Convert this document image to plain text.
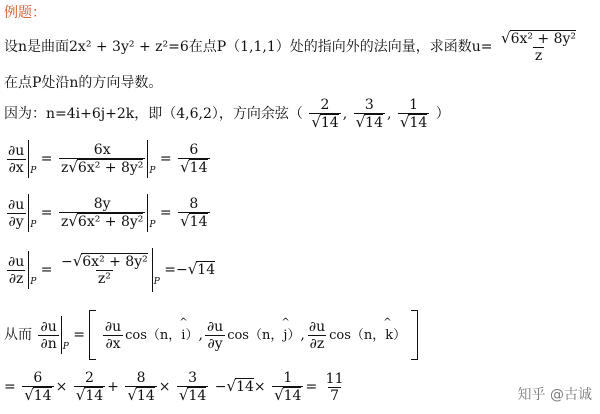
例题：
设n是曲面2x² + 3y² + z²=6在点P（1,1,1）处的指向外的法向量，求函数$u= \frac{\text{√6x² + 8y²}}{z}$
在点P处沿n的方向导数。
因为：n=4i+6j+2k，即（4,6,2），方向余弦（ $\frac{2}{√14}$ , $\frac{3}{√14}$ , $\frac{1}{√14}$ ）
$\frac{\partial u}{\partial x} _P = \frac{6x}{\text{z√6x² + 8y²}} _P = \frac{6}{√14}$
$\frac{\partial u}{\partial y} _P = \frac{8y}{\text{z√6x² + 8y²}} _P = \frac{8}{√14}$
$\frac{\partial u}{\partial z} _P = \frac{\text{−√6x² + 8y²}}{\text{z²}} _P =-√14$
从而 $\frac{\partial u}{\partial n} _P = \frac{\partial u}{\partial x} \cos(n$，^ i）, $\frac{\partial u}{\partial y} \cos(n$，^ j）, $\frac{\partial u}{\partial z} \cos(n$，^ k）
= $\frac{6}{√14} \times \frac{2}{√14} + \frac{8}{√14} \times \frac{3}{√14} -√14\times \frac{1}{√14} = \frac{11}{7}$	知乎 @古诚
